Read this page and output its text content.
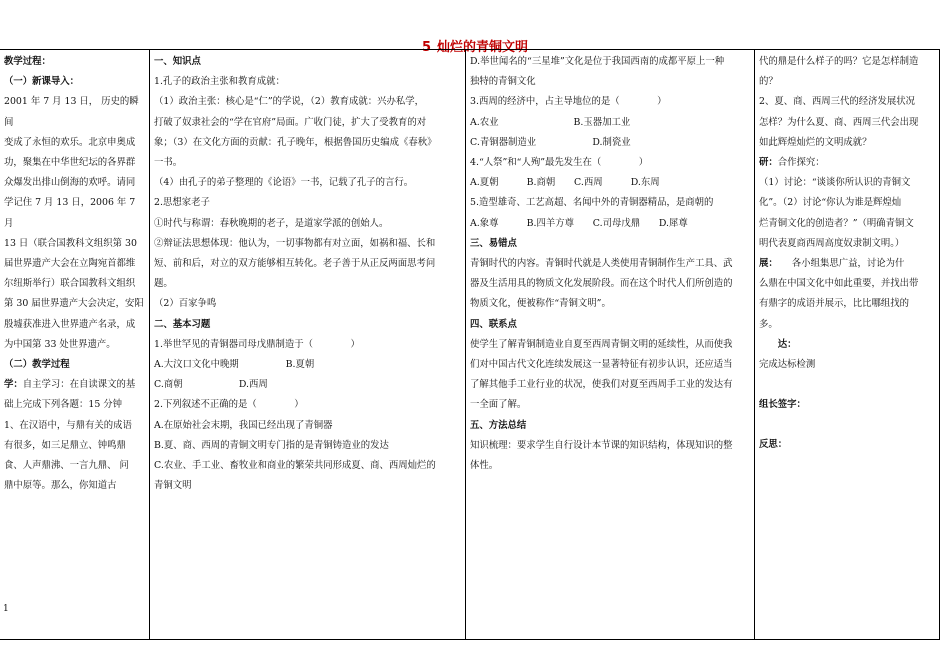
5 灿烂的青铜文明

教学过程：

（一）新课导入：

2001 年 7 月 13 日， 历史的瞬间

变成了永恒的欢乐。北京申奥成

功，聚集在中华世纪坛的各界群

众爆发出排山倒海的欢呼。请同

学记住 7 月 13 日，2006 年 7 月

13 日（联合国教科文组织第 30

届世界遗产大会在立陶宛首都维

尔纽斯举行）联合国教科文组织

第 30 届世界遗产大会决定，安阳

殷墟获准进入世界遗产名录，成

为中国第 33 处世界遗产。

（二）教学过程

学：自主学习：在自读课文的基

础上完成下列各题：15 分钟

1、在汉语中，与鼎有关的成语

有很多，如三足鼎立、钟鸣鼎

食、人声鼎沸、一言九鼎、 问

鼎中原等。那么，你知道古

一、知识点

1.孔子的政治主张和教育成就：

（1）政治主张：核心是“仁”的学说，（2）教育成就：兴办私学，

打破了奴隶社会的“学在官府”局面。广收门徒，扩大了受教育的对

象；（3）在文化方面的贡献：孔子晚年，根据鲁国历史编成《春秋》

一书。

（4）由孔子的弟子整理的《论语》一书，记载了孔子的言行。

2.思想家老子

①时代与称谓：春秋晚期的老子，是道家学派的创始人。

②辩证法思想体现：他认为，一切事物都有对立面，如祸和福、长和

短、前和后，对立的双方能够相互转化。老子善于从正反两面思考问

题。

（2）百家争鸣

二、基本习题

1.举世罕见的青铜器司母戊鼎制造于（　　　　）

A.大汶口文化中晚期　　　　　B.夏朝

C.商朝　　　　　　D.西周

2.下列叙述不正确的是（　　　　）

A.在原始社会末期，我国已经出现了青铜器

B.夏、商、西周的青铜文明专门指的是青铜铸造业的发达

C.农业、手工业、畜牧业和商业的繁荣共同形成夏、商、西周灿烂的

青铜文明

D.举世闻名的“三星堆”文化是位于我国西南的成都平原上一种

独特的青铜文化

3.西周的经济中，占主导地位的是（　　　　）

A.农业　　　　　　　　B.玉器加工业

C.青铜器制造业　　　　　　D.制瓷业

4.“人祭”和“人殉”最先发生在（　　　　）

A.夏朝　　　B.商朝　　C.西周　　　D.东周

5.造型雄奇、工艺高超、名闻中外的青铜器精品，是商朝的

A.象尊　　　B.四羊方尊　　C.司母戊鼎　　D.犀尊

三、易错点

青铜时代的内容。青铜时代就是人类使用青铜制作生产工具、武

器及生活用具的物质文化发展阶段。而在这个时代人们所创造的

物质文化，便被称作“青铜文明”。

四、联系点

使学生了解青铜制造业自夏至西周青铜文明的延续性，从而使我

们对中国古代文化连续发展这一显著特征有初步认识，还应适当

了解其他手工业行业的状况，使我们对夏至西周手工业的发达有

一全面了解。

五、方法总结

知识梳理：要求学生自行设计本节课的知识结构，体现知识的整

体性。

代的鼎是什么样子的吗？它是怎样制造

的？

2、夏、商、西周三代的经济发展状况

怎样？为什么夏、商、西周三代会出现

如此辉煌灿烂的文明成就？

研：合作探究：

（1）讨论：“谈谈你所认识的青铜文

化”。（2）讨论“你认为谁是辉煌灿

烂青铜文化的创造者？”（明确青铜文

明代表夏商西周高度奴隶制文明。）

展：　　各小组集思广益，讨论为什

么鼎在中国文化中如此重要，并找出带

有鼎字的成语并展示，比比哪组找的

多。

　　达：

完成达标检测

组长签字：

反思：

1
